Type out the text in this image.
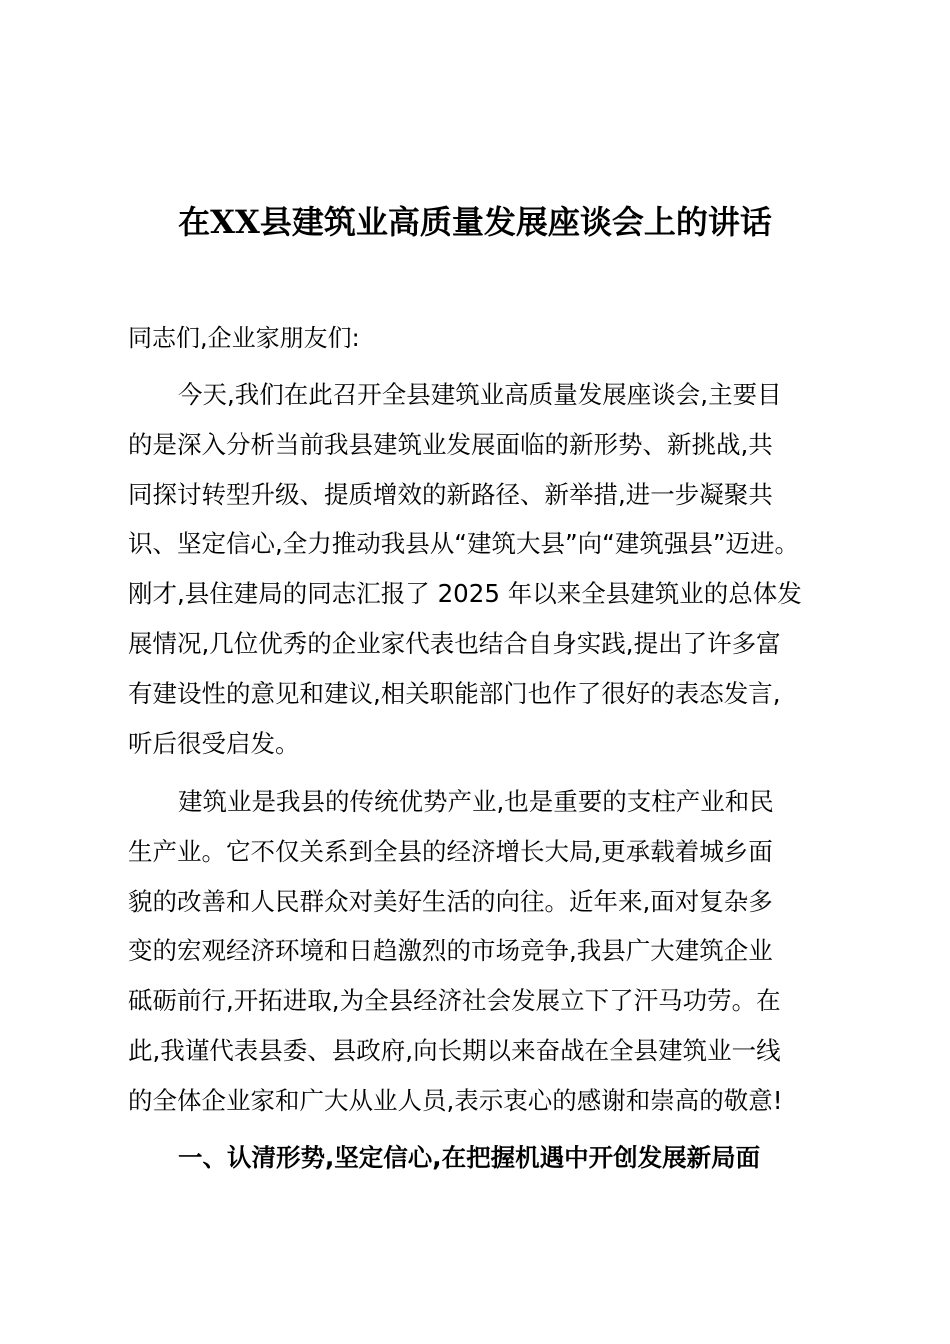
在XX县建筑业高质量发展座谈会上的讲话
同志们,企业家朋友们:
今天,我们在此召开全县建筑业高质量发展座谈会,主要目
的是深入分析当前我县建筑业发展面临的新形势、新挑战,共
同探讨转型升级、提质增效的新路径、新举措,进一步凝聚共
识、坚定信心,全力推动我县从“建筑大县”向“建筑强县”迈进。
刚才,县住建局的同志汇报了 2025 年以来全县建筑业的总体发
展情况,几位优秀的企业家代表也结合自身实践,提出了许多富
有建设性的意见和建议,相关职能部门也作了很好的表态发言,
听后很受启发。
建筑业是我县的传统优势产业,也是重要的支柱产业和民
生产业。它不仅关系到全县的经济增长大局,更承载着城乡面
貌的改善和人民群众对美好生活的向往。近年来,面对复杂多
变的宏观经济环境和日趋激烈的市场竞争,我县广大建筑企业
砥砺前行,开拓进取,为全县经济社会发展立下了汗马功劳。在
此,我谨代表县委、县政府,向长期以来奋战在全县建筑业一线
的全体企业家和广大从业人员,表示衷心的感谢和崇高的敬意!
一、认清形势,坚定信心,在把握机遇中开创发展新局面
